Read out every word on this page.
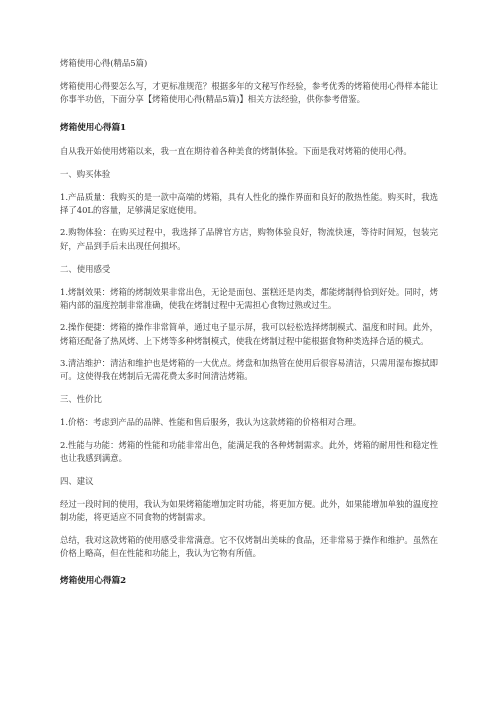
烤箱使用心得(精品5篇)

烤箱使用心得要怎么写，才更标准规范？根据多年的文秘写作经验，参考优秀的烤箱使用心得样本能让你事半功倍，下面分享【烤箱使用心得(精品5篇)】相关方法经验，供你参考借鉴。

烤箱使用心得篇1

自从我开始使用烤箱以来，我一直在期待着各种美食的烤制体验。下面是我对烤箱的使用心得。

一、购买体验

1.产品质量：我购买的是一款中高端的烤箱，具有人性化的操作界面和良好的散热性能。购买时，我选择了40L的容量，足够满足家庭使用。

2.购物体验：在购买过程中，我选择了品牌官方店，购物体验良好，物流快速，等待时间短，包装完好，产品到手后未出现任何损坏。

二、使用感受

1.烤制效果：烤箱的烤制效果非常出色，无论是面包、蛋糕还是肉类，都能烤制得恰到好处。同时，烤箱内部的温度控制非常准确，使我在烤制过程中无需担心食物过熟或过生。

2.操作便捷：烤箱的操作非常简单，通过电子显示屏，我可以轻松选择烤制模式、温度和时间。此外，烤箱还配备了热风烤、上下烤等多种烤制模式，使我在烤制过程中能根据食物种类选择合适的模式。

3.清洁维护：清洁和维护也是烤箱的一大优点。烤盘和加热管在使用后很容易清洁，只需用湿布擦拭即可。这使得我在烤制后无需花费太多时间清洁烤箱。

三、性价比

1.价格：考虑到产品的品牌、性能和售后服务，我认为这款烤箱的价格相对合理。

2.性能与功能：烤箱的性能和功能非常出色，能满足我的各种烤制需求。此外，烤箱的耐用性和稳定性也让我感到满意。

四、建议

经过一段时间的使用，我认为如果烤箱能增加定时功能，将更加方便。此外，如果能增加单独的温度控制功能，将更适应不同食物的烤制需求。

总结，我对这款烤箱的使用感受非常满意。它不仅烤制出美味的食品，还非常易于操作和维护。虽然在价格上略高，但在性能和功能上，我认为它物有所值。

烤箱使用心得篇2
